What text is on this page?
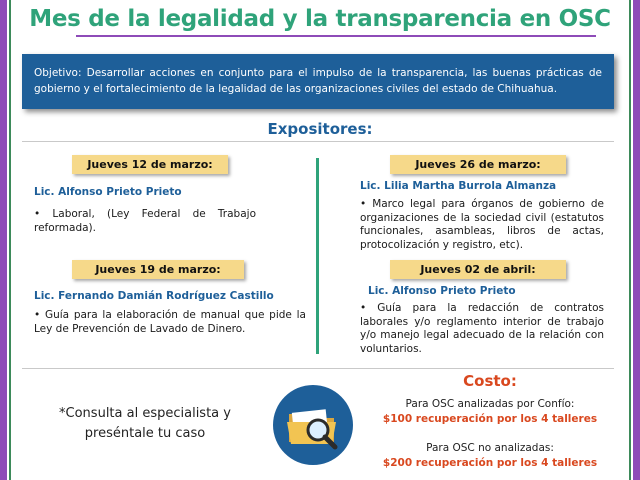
Mes de la legalidad y la transparencia en OSC
Objetivo: Desarrollar acciones en conjunto para el impulso de la transparencia, las buenas prácticas de gobierno y el fortalecimiento de la legalidad de las organizaciones civiles del estado de Chihuahua.
Expositores:
Jueves 12 de marzo:
Lic. Alfonso Prieto Prieto
• Laboral, (Ley Federal de Trabajo reformada).
Jueves 19 de marzo:
Lic. Fernando Damián Rodríguez Castillo
• Guía para la elaboración de manual que pide la Ley de Prevención de Lavado de Dinero.
Jueves 26 de marzo:
Lic. Lilia Martha Burrola Almanza
• Marco legal para órganos de gobierno de organizaciones de la sociedad civil (estatutos funcionales, asambleas, libros de actas, protocolización y registro, etc).
Jueves 02 de abril:
Lic. Alfonso Prieto Prieto
• Guía para la redacción de contratos laborales y/o reglamento interior de trabajo y/o manejo legal adecuado de la relación con voluntarios.
*Consulta al especialista y preséntale tu caso
Costo:
Para OSC analizadas por Confío:
$100 recuperación por los 4 talleres
Para OSC no analizadas:
$200 recuperación por los 4 talleres
